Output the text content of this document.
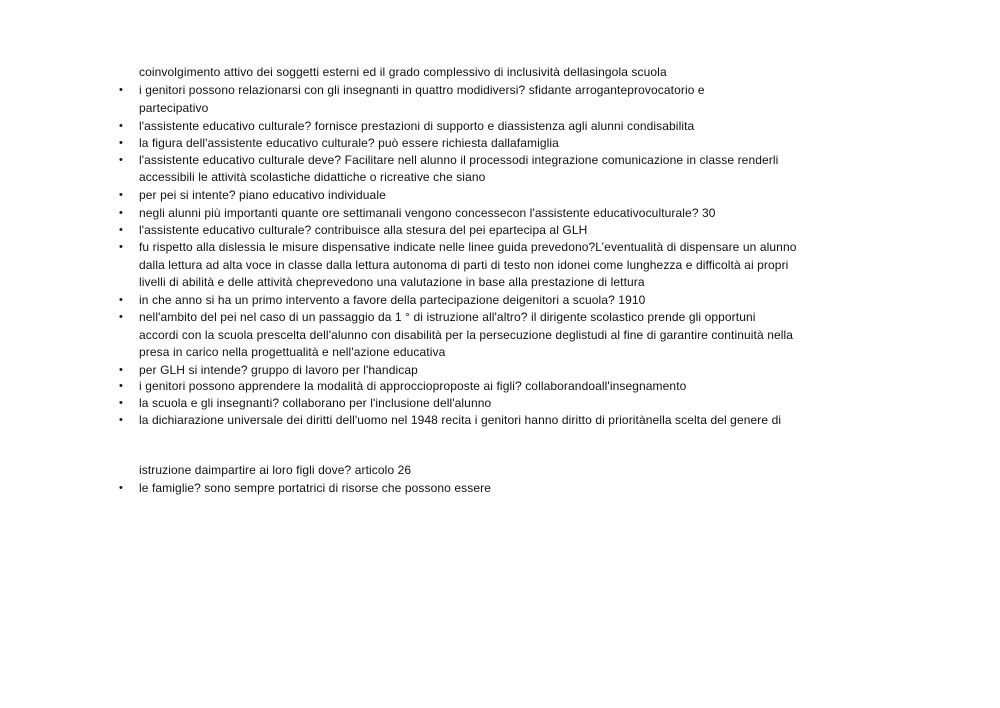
•
•
•
•
•
•
•
•
•
•
•
•
•
•
•
coinvolgimento attivo dei soggetti esterni ed il grado complessivo di inclusività dellasingola scuola
i genitori possono relazionarsi con gli insegnanti in quattro modidiversi? sfidante arroganteprovocatorio e
partecipativo
l'assistente educativo culturale? fornisce prestazioni di supporto e diassistenza agli alunni condisabilita
la figura dell'assistente educativo culturale? può essere richiesta dallafamiglia
l'assistente educativo culturale deve? Facilitare nell alunno il processodi integrazione comunicazione in classe renderli
accessibili le attività scolastiche didattiche o ricreative che siano
per pei si intente? piano educativo individuale
negli alunni più importanti quante ore settimanali vengono concessecon l'assistente educativoculturale? 30
l'assistente educativo culturale? contribuisce alla stesura del pei epartecipa al GLH
fu rispetto alla dislessia le misure dispensative indicate nelle linee guida prevedono?L’eventualità di dispensare un alunno
dalla lettura ad alta voce in classe dalla lettura autonoma di parti di testo non idonei come lunghezza e difficoltà ai propri
livelli di abilità e delle attività cheprevedono una valutazione in base alla prestazione di lettura
in che anno si ha un primo intervento a favore della partecipazione deigenitori a scuola? 1910
nell'ambito del pei nel caso di un passaggio da 1 ° di istruzione all'altro? il dirigente scolastico prende gli opportuni
accordi con la scuola prescelta dell'alunno con disabilità per la persecuzione deglistudi al fine di garantire continuità nella
presa in carico nella progettualità e nell'azione educativa
per GLH si intende? gruppo di lavoro per l'handicap
i genitori possono apprendere la modalità di approccioproposte ai figli? collaborandoall'insegnamento
la scuola e gli insegnanti? collaborano per l'inclusione dell'alunno
la dichiarazione universale dei diritti dell'uomo nel 1948 recita i genitori hanno diritto di prioritànella scelta del genere di
istruzione daimpartire ai loro figli dove? articolo 26
le famiglie? sono sempre portatrici di risorse che possono essere
